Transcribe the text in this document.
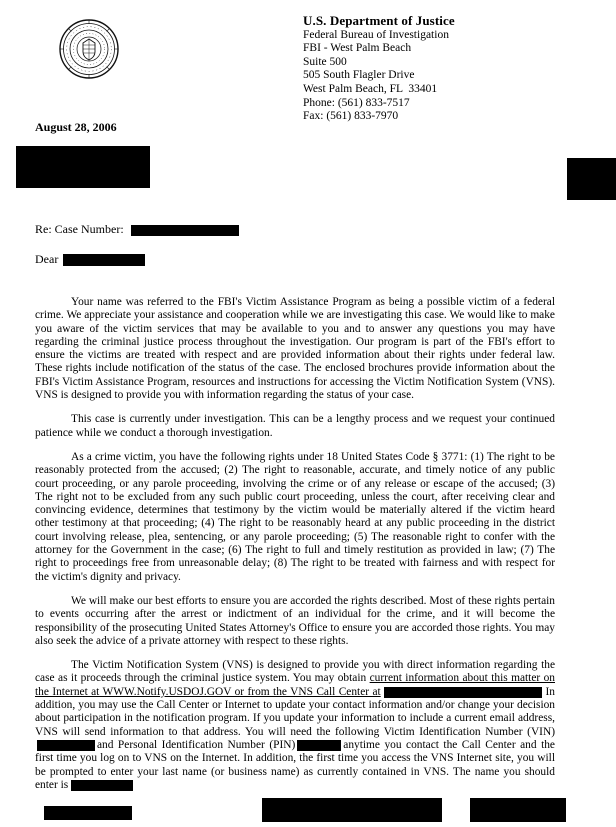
U.S. Department of Justice
Federal Bureau of Investigation
FBI - West Palm Beach
Suite 500
505 South Flagler Drive
West Palm Beach, FL  33401
Phone: (561) 833-7517
Fax: (561) 833-7970
August 28, 2006
Re: Case Number:
Dear

Your name was referred to the FBI's Victim Assistance Program as being a possible victim of a federal crime. We appreciate your assistance and cooperation while we are investigating this case. We would like to make you aware of the victim services that may be available to you and to answer any questions you may have regarding the criminal justice process throughout the investigation. Our program is part of the FBI's effort to ensure the victims are treated with respect and are provided information about their rights under federal law. These rights include notification of the status of the case. The enclosed brochures provide information about the FBI's Victim Assistance Program, resources and instructions for accessing the Victim Notification System (VNS). VNS is designed to provide you with information regarding the status of your case.

This case is currently under investigation. This can be a lengthy process and we request your continued patience while we conduct a thorough investigation.

As a crime victim, you have the following rights under 18 United States Code § 3771: (1) The right to be reasonably protected from the accused; (2) The right to reasonable, accurate, and timely notice of any public court proceeding, or any parole proceeding, involving the crime or of any release or escape of the accused; (3) The right not to be excluded from any such public court proceeding, unless the court, after receiving clear and convincing evidence, determines that testimony by the victim would be materially altered if the victim heard other testimony at that proceeding; (4) The right to be reasonably heard at any public proceeding in the district court involving release, plea, sentencing, or any parole proceeding; (5) The reasonable right to confer with the attorney for the Government in the case; (6) The right to full and timely restitution as provided in law; (7) The right to proceedings free from unreasonable delay; (8) The right to be treated with fairness and with respect for the victim's dignity and privacy.

We will make our best efforts to ensure you are accorded the rights described. Most of these rights pertain to events occurring after the arrest or indictment of an individual for the crime, and it will become the responsibility of the prosecuting United States Attorney's Office to ensure you are accorded those rights. You may also seek the advice of a private attorney with respect to these rights.

The Victim Notification System (VNS) is designed to provide you with direct information regarding the case as it proceeds through the criminal justice system. You may obtain current information about this matter on the Internet at WWW.Notify.USDOJ.GOV or from the VNS Call Center at	In addition, you may use the Call Center or Internet to update your contact information and/or change your decision about participation in the notification program. If you update your information to include a current email address, VNS will send information to that address. You will need the following Victim Identification Number (VIN)and Personal Identification Number (PIN)	anytime you contact the Call Center and the first time you log on to VNS on the Internet. In addition, the first time you access the VNS Internet site, you will be prompted to enter your last name (or business name) as currently contained in VNS. The name you should enter is
